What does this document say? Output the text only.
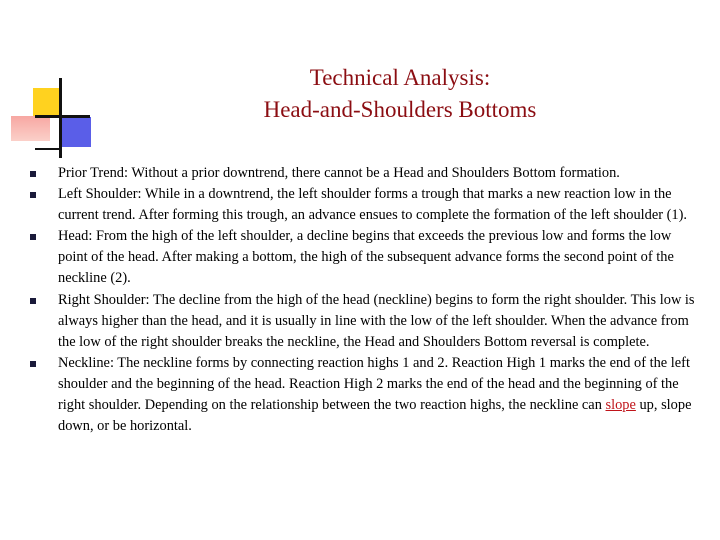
Technical Analysis:
Head-and-Shoulders Bottoms
Prior Trend: Without a prior downtrend, there cannot be a Head and Shoulders Bottom formation.
Left Shoulder: While in a downtrend, the left shoulder forms a trough that marks a new reaction low in the current trend. After forming this trough, an advance ensues to complete the formation of the left shoulder (1).
Head: From the high of the left shoulder, a decline begins that exceeds the previous low and forms the low point of the head. After making a bottom, the high of the subsequent advance forms the second point of the neckline (2).
Right Shoulder: The decline from the high of the head (neckline) begins to form the right shoulder. This low is always higher than the head, and it is usually in line with the low of the left shoulder. When the advance from the low of the right shoulder breaks the neckline, the Head and Shoulders Bottom reversal is complete.
Neckline: The neckline forms by connecting reaction highs 1 and 2. Reaction High 1 marks the end of the left shoulder and the beginning of the head. Reaction High 2 marks the end of the head and the beginning of the right shoulder. Depending on the relationship between the two reaction highs, the neckline can slope up, slope down, or be horizontal.
